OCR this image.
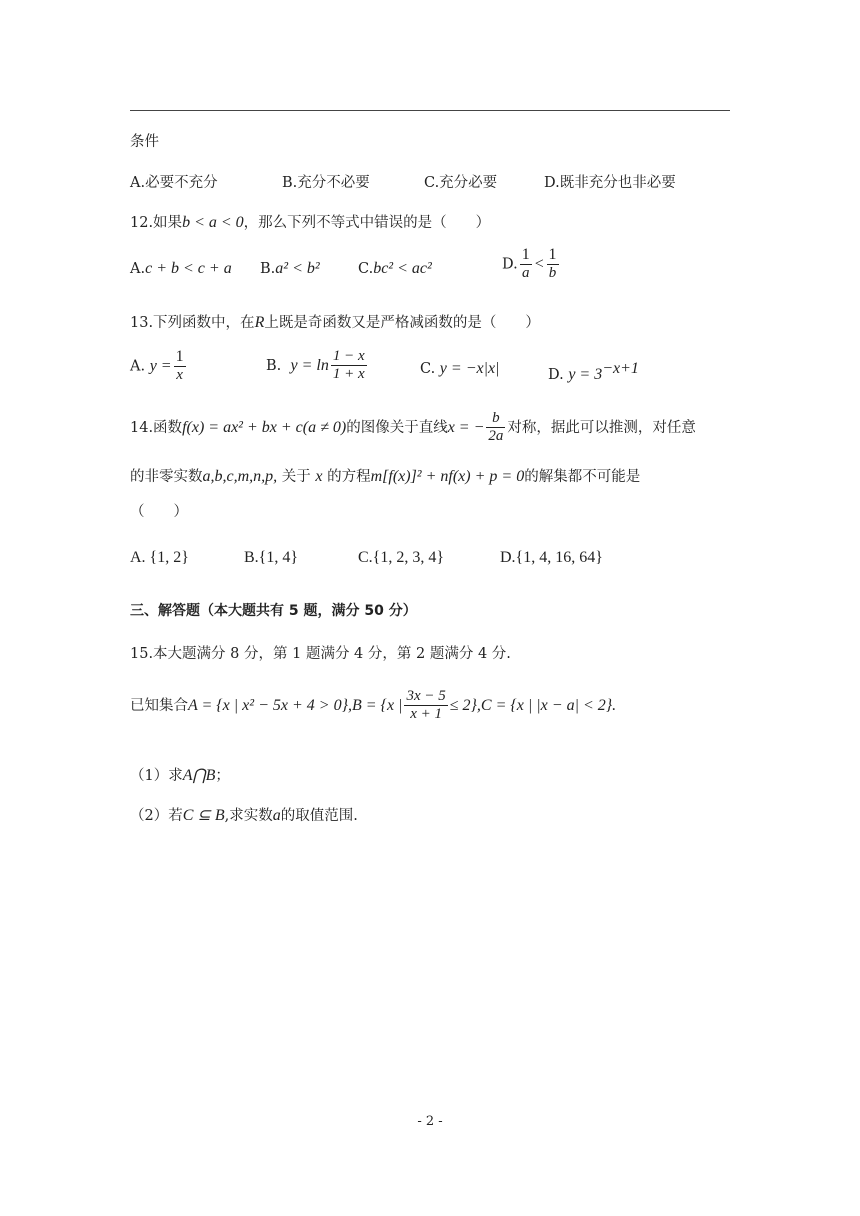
条件
A.必要不充分	B.充分不必要	C.充分必要	D.既非充分也非必要
12.如果b < a < 0，那么下列不等式中错误的是（　　）
A.c + b < c + a B.a² < b²	C.bc² < ac²	D. $\frac{1}{a} < \frac{1}{b}$
13.下列函数中，在R上既是奇函数又是严格减函数的是（　　）
A. $y = \frac{1}{x}$	B. $y = \ln \frac{1 - x}{1 + x}$	C. y = −x|x|	D. $y = 3^{-x+1}$
14.函数f(x) = ax² + bx + c(a ≠ 0)的图像关于直线x = − $\frac{b}{2a}$ 对称，据此可以推测，对任意
的非零实数a,b,c,m,n,p, 关于 x 的方程m[f(x)]² + nf(x) + p = 0的解集都不可能是
（　　）
A. {1, 2}	B.{1, 4}	C.{1, 2, 3, 4}	D.{1, 4, 16, 64}
三、解答题（本大题共有 5 题，满分 50 分）
15.本大题满分 8 分，第 1 题满分 4 分，第 2 题满分 4 分.
已知集合A = {x | x² − 5x + 4 > 0},B = {x | $\frac{3x - 5}{x + 1} \le 2\},C = \{x$ | |x − a| < 2}.
（1）求A⋂B；
（2）若C ⊆ B,求实数a的取值范围.
- 2 -
